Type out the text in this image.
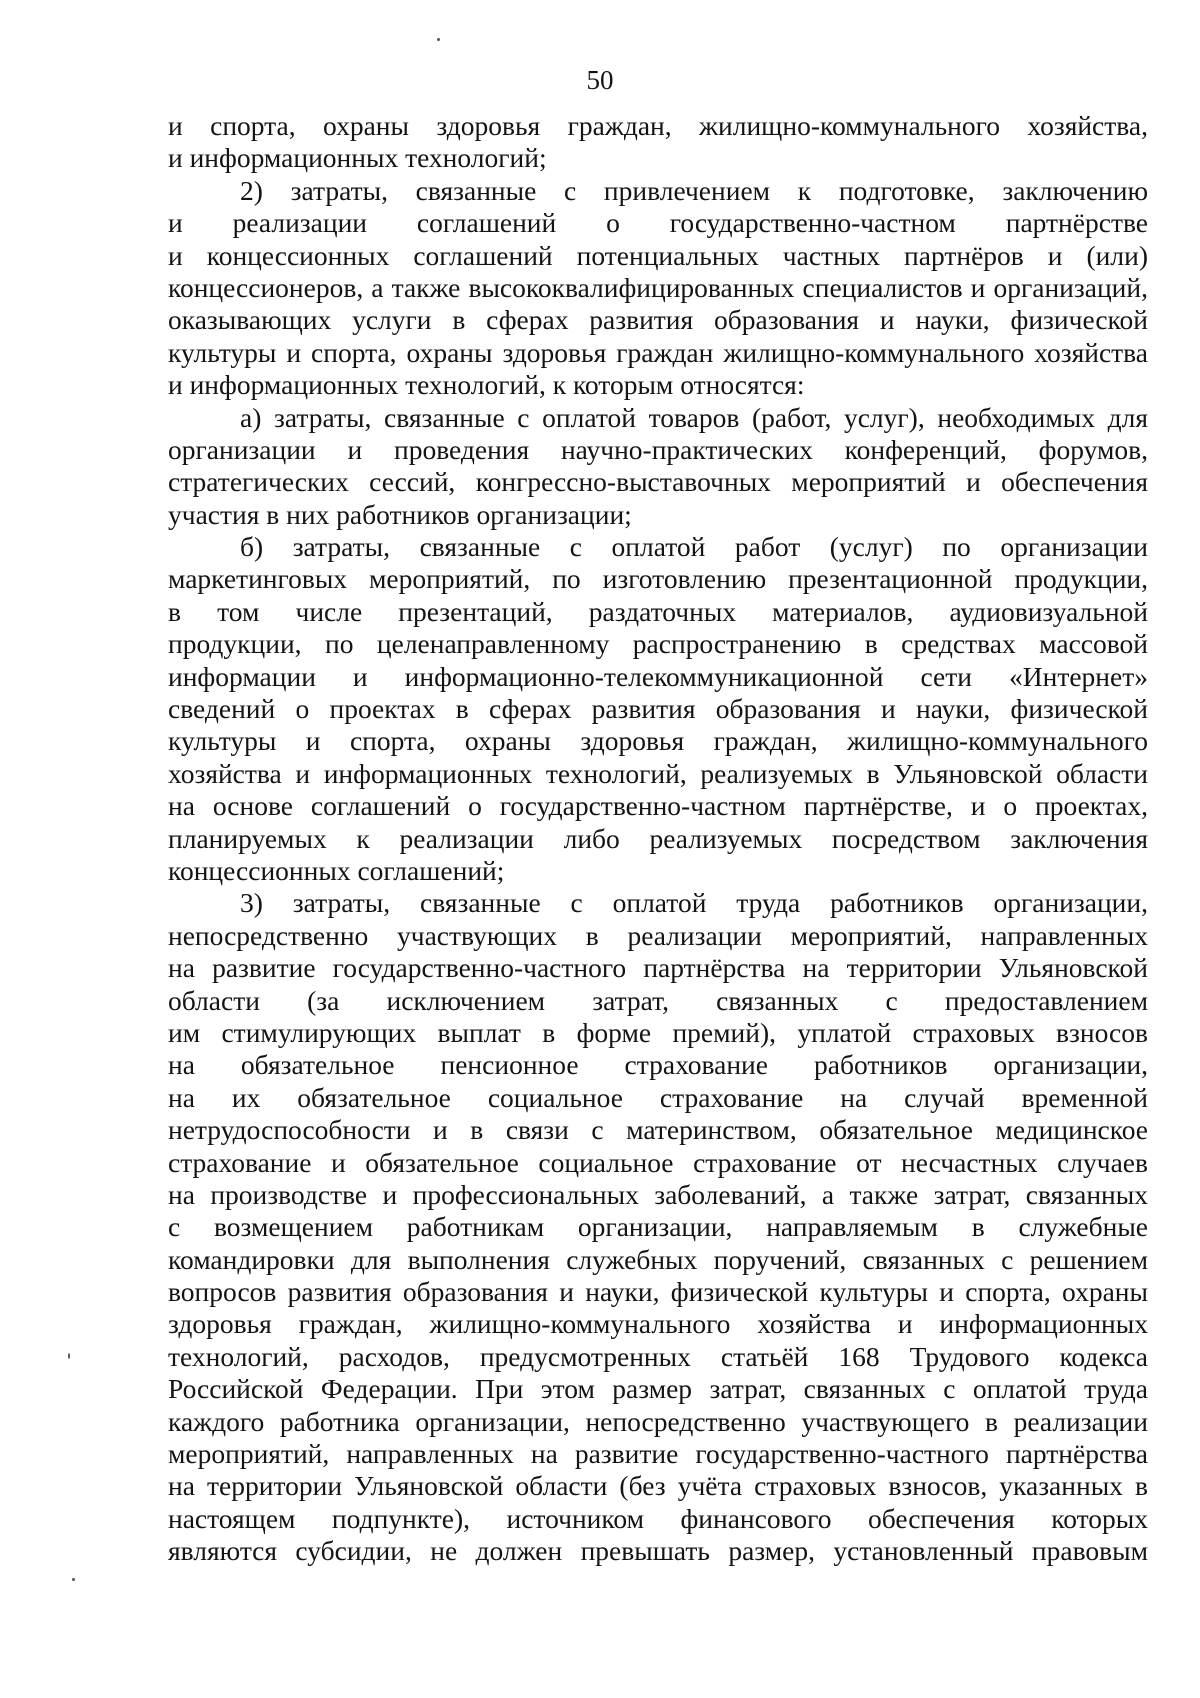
50
и спорта, охраны здоровья граждан, жилищно-коммунального хозяйства,
и информационных технологий;
2) затраты, связанные с привлечением к подготовке, заключению
и реализации соглашений о государственно-частном партнёрстве
и концессионных соглашений потенциальных частных партнёров и (или)
концессионеров, а также высококвалифицированных специалистов и организаций,
оказывающих услуги в сферах развития образования и науки, физической
культуры и спорта, охраны здоровья граждан жилищно-коммунального хозяйства
и информационных технологий, к которым относятся:
а) затраты, связанные с оплатой товаров (работ, услуг), необходимых для
организации и проведения научно-практических конференций, форумов,
стратегических сессий, конгрессно-выставочных мероприятий и обеспечения
участия в них работников организации;
б) затраты, связанные с оплатой работ (услуг) по организации
маркетинговых мероприятий, по изготовлению презентационной продукции,
в том числе презентаций, раздаточных материалов, аудиовизуальной
продукции, по целенаправленному распространению в средствах массовой
информации и информационно-телекоммуникационной сети «Интернет»
сведений о проектах в сферах развития образования и науки, физической
культуры и спорта, охраны здоровья граждан, жилищно-коммунального
хозяйства и информационных технологий, реализуемых в Ульяновской области
на основе соглашений о государственно-частном партнёрстве, и о проектах,
планируемых к реализации либо реализуемых посредством заключения
концессионных соглашений;
3) затраты, связанные с оплатой труда работников организации,
непосредственно участвующих в реализации мероприятий, направленных
на развитие государственно-частного партнёрства на территории Ульяновской
области (за исключением затрат, связанных с предоставлением
им стимулирующих выплат в форме премий), уплатой страховых взносов
на обязательное пенсионное страхование работников организации,
на их обязательное социальное страхование на случай временной
нетрудоспособности и в связи с материнством, обязательное медицинское
страхование и обязательное социальное страхование от несчастных случаев
на производстве и профессиональных заболеваний, а также затрат, связанных
с возмещением работникам организации, направляемым в служебные
командировки для выполнения служебных поручений, связанных с решением
вопросов развития образования и науки, физической культуры и спорта, охраны
здоровья граждан, жилищно-коммунального хозяйства и информационных
технологий, расходов, предусмотренных статьёй 168 Трудового кодекса
Российской Федерации. При этом размер затрат, связанных с оплатой труда
каждого работника организации, непосредственно участвующего в реализации
мероприятий, направленных на развитие государственно-частного партнёрства
на территории Ульяновской области (без учёта страховых взносов, указанных в
настоящем подпункте), источником финансового обеспечения которых
являются субсидии, не должен превышать размер, установленный правовым
